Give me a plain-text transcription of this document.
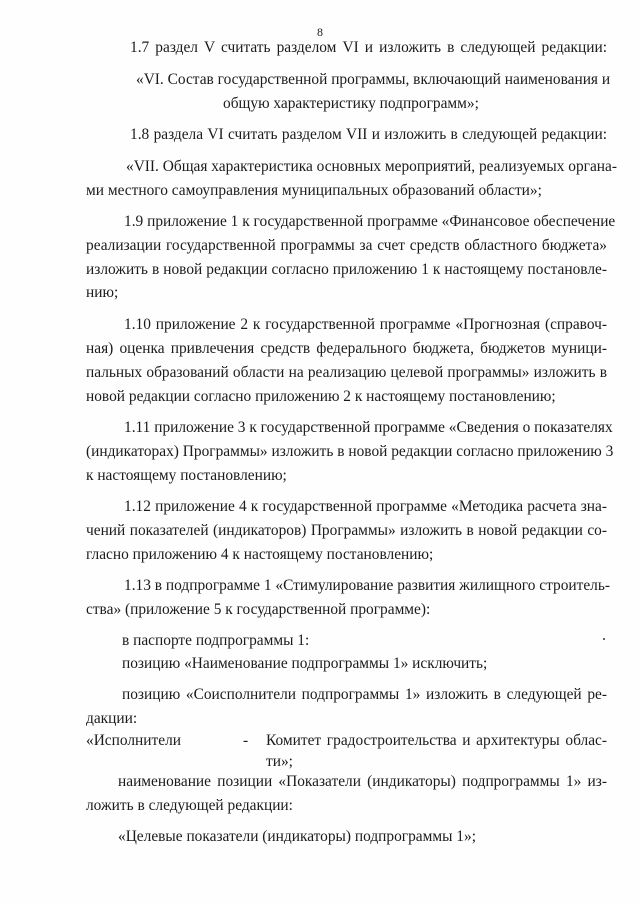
8
1.7 раздел V считать разделом VI и изложить в следующей редакции:
«VI. Состав государственной программы, включающий наименования и
общую характеристику подпрограмм»;
1.8 раздела VI считать разделом VII и изложить в следующей редакции:
«VII. Общая характеристика основных мероприятий, реализуемых органа-
ми местного самоуправления муниципальных образований области»;
1.9 приложение 1 к государственной программе «Финансовое обеспечение
реализации государственной программы за счет средств областного бюджета»
изложить в новой редакции согласно приложению 1 к настоящему постановле-
нию;
1.10 приложение 2 к государственной программе «Прогнозная (справоч-
ная) оценка привлечения средств федерального бюджета, бюджетов муници-
пальных образований области на реализацию целевой программы» изложить в
новой редакции согласно приложению 2 к настоящему постановлению;
1.11 приложение 3 к государственной программе «Сведения о показателях
(индикаторах) Программы» изложить в новой редакции согласно приложению 3
к настоящему постановлению;
1.12 приложение 4 к государственной программе «Методика расчета зна-
чений показателей (индикаторов) Программы» изложить в новой редакции со-
гласно приложению 4 к настоящему постановлению;
1.13 в подпрограмме 1 «Стимулирование развития жилищного строитель-
ства» (приложение 5 к государственной программе):
в паспорте подпрограммы 1:
позицию «Наименование подпрограммы 1» исключить;
позицию «Соисполнители подпрограммы 1» изложить в следующей ре-
дакции:
«Исполнители	- Комитет градостроительства и архитектуры облас-
ти»;
наименование позиции «Показатели (индикаторы) подпрограммы 1» из-
ложить в следующей редакции:
«Целевые показатели (индикаторы) подпрограммы 1»;
